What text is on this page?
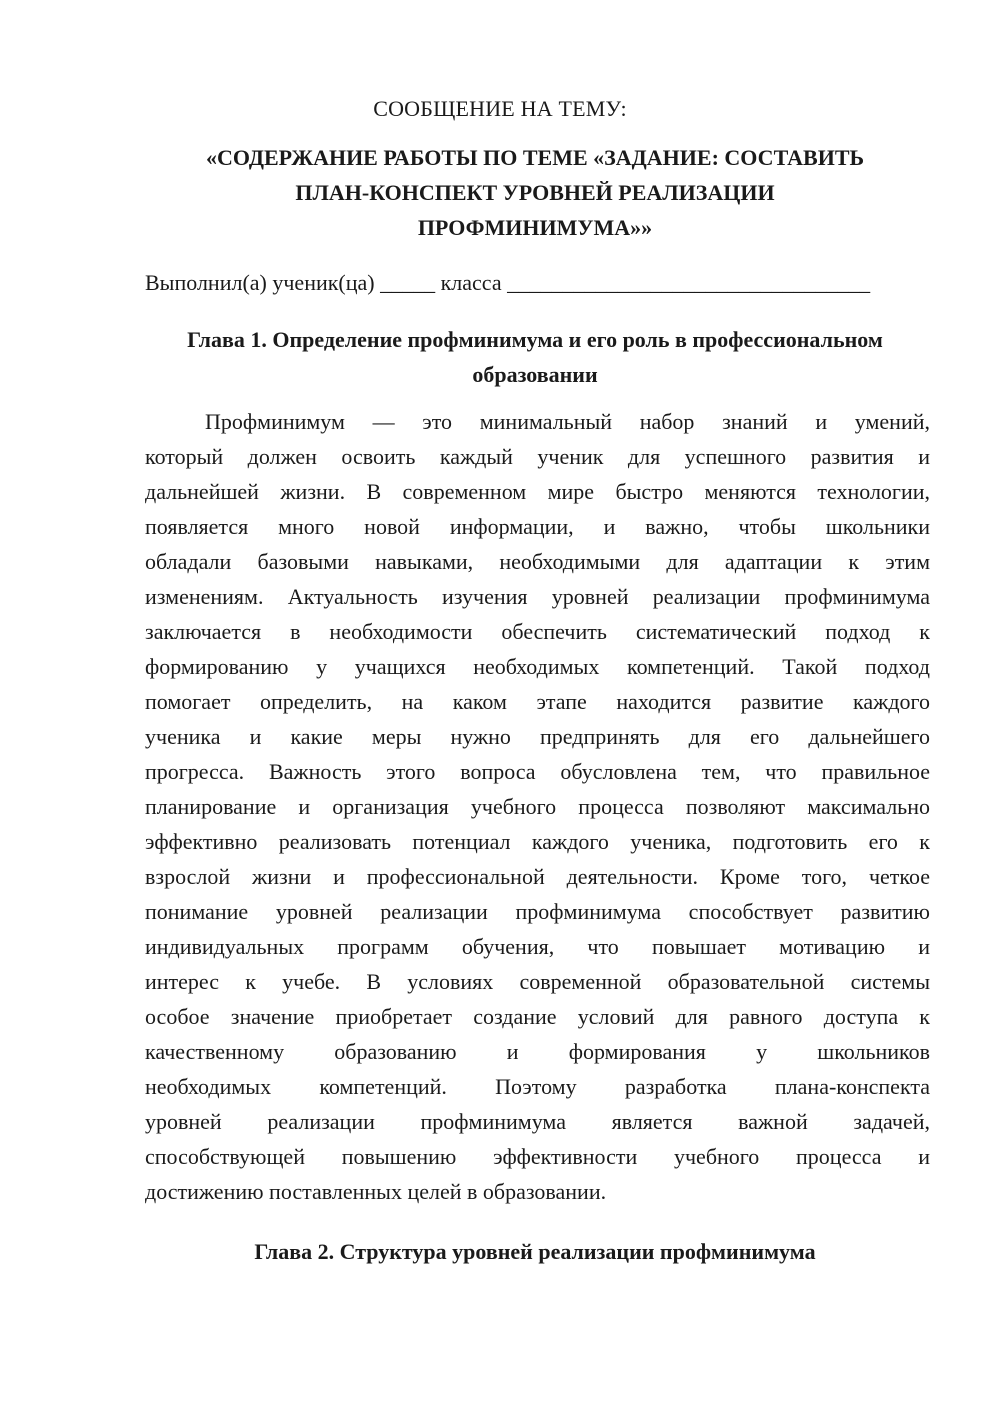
СООБЩЕНИЕ НА ТЕМУ:
«СОДЕРЖАНИЕ РАБОТЫ ПО ТЕМЕ «ЗАДАНИЕ: СОСТАВИТЬ
ПЛАН-КОНСПЕКТ УРОВНЕЙ РЕАЛИЗАЦИИ
ПРОФМИНИМУМА»»
Выполнил(а) ученик(ца) _____ класса _________________________________
Глава 1. Определение профминимума и его роль в профессиональном
образовании
Профминимум — это минимальный набор знаний и умений,
который должен освоить каждый ученик для успешного развития и
дальнейшей жизни. В современном мире быстро меняются технологии,
появляется много новой информации, и важно, чтобы школьники
обладали базовыми навыками, необходимыми для адаптации к этим
изменениям. Актуальность изучения уровней реализации профминимума
заключается в необходимости обеспечить систематический подход к
формированию у учащихся необходимых компетенций. Такой подход
помогает определить, на каком этапе находится развитие каждого
ученика и какие меры нужно предпринять для его дальнейшего
прогресса. Важность этого вопроса обусловлена тем, что правильное
планирование и организация учебного процесса позволяют максимально
эффективно реализовать потенциал каждого ученика, подготовить его к
взрослой жизни и профессиональной деятельности. Кроме того, четкое
понимание уровней реализации профминимума способствует развитию
индивидуальных программ обучения, что повышает мотивацию и
интерес к учебе. В условиях современной образовательной системы
особое значение приобретает создание условий для равного доступа к
качественному образованию и формирования у школьников
необходимых компетенций. Поэтому разработка плана-конспекта
уровней реализации профминимума является важной задачей,
способствующей повышению эффективности учебного процесса и
достижению поставленных целей в образовании.
Глава 2. Структура уровней реализации профминимума
